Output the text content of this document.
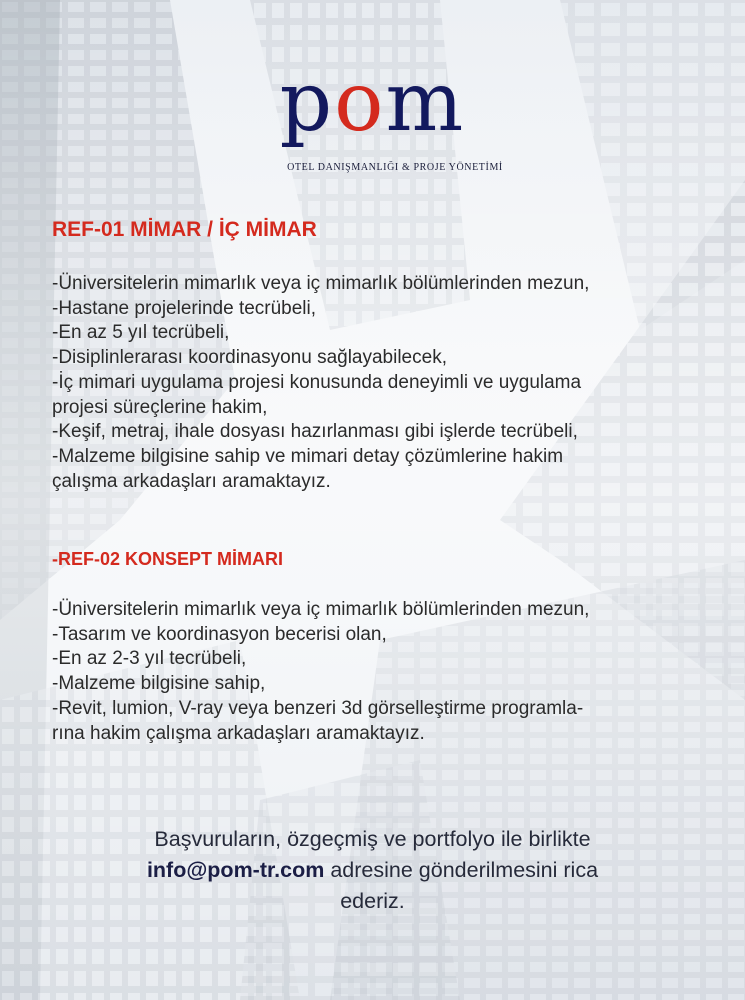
pom
OTEL DANIŞMANLIĞI & PROJE YÖNETİMİ
REF-01 MİMAR / İÇ MİMAR
-Üniversitelerin mimarlık veya iç mimarlık bölümlerinden mezun,
-Hastane projelerinde tecrübeli,
-En az 5 yıl tecrübeli,
-Disiplinlerarası koordinasyonu sağlayabilecek,
-İç mimari uygulama projesi konusunda deneyimli ve uygulama
projesi süreçlerine hakim,
-Keşif, metraj, ihale dosyası hazırlanması gibi işlerde tecrübeli,
-Malzeme bilgisine sahip ve mimari detay çözümlerine hakim
çalışma arkadaşları aramaktayız.
-REF-02 KONSEPT MİMARI
-Üniversitelerin mimarlık veya iç mimarlık bölümlerinden mezun,
-Tasarım ve koordinasyon becerisi olan,
-En az 2-3 yıl tecrübeli,
-Malzeme bilgisine sahip,
-Revit, lumion, V-ray veya benzeri 3d görselleştirme programla-
rına hakim çalışma arkadaşları aramaktayız.
Başvuruların, özgeçmiş ve portfolyo ile birlikte
info@pom-tr.com adresine gönderilmesini rica
ederiz.
